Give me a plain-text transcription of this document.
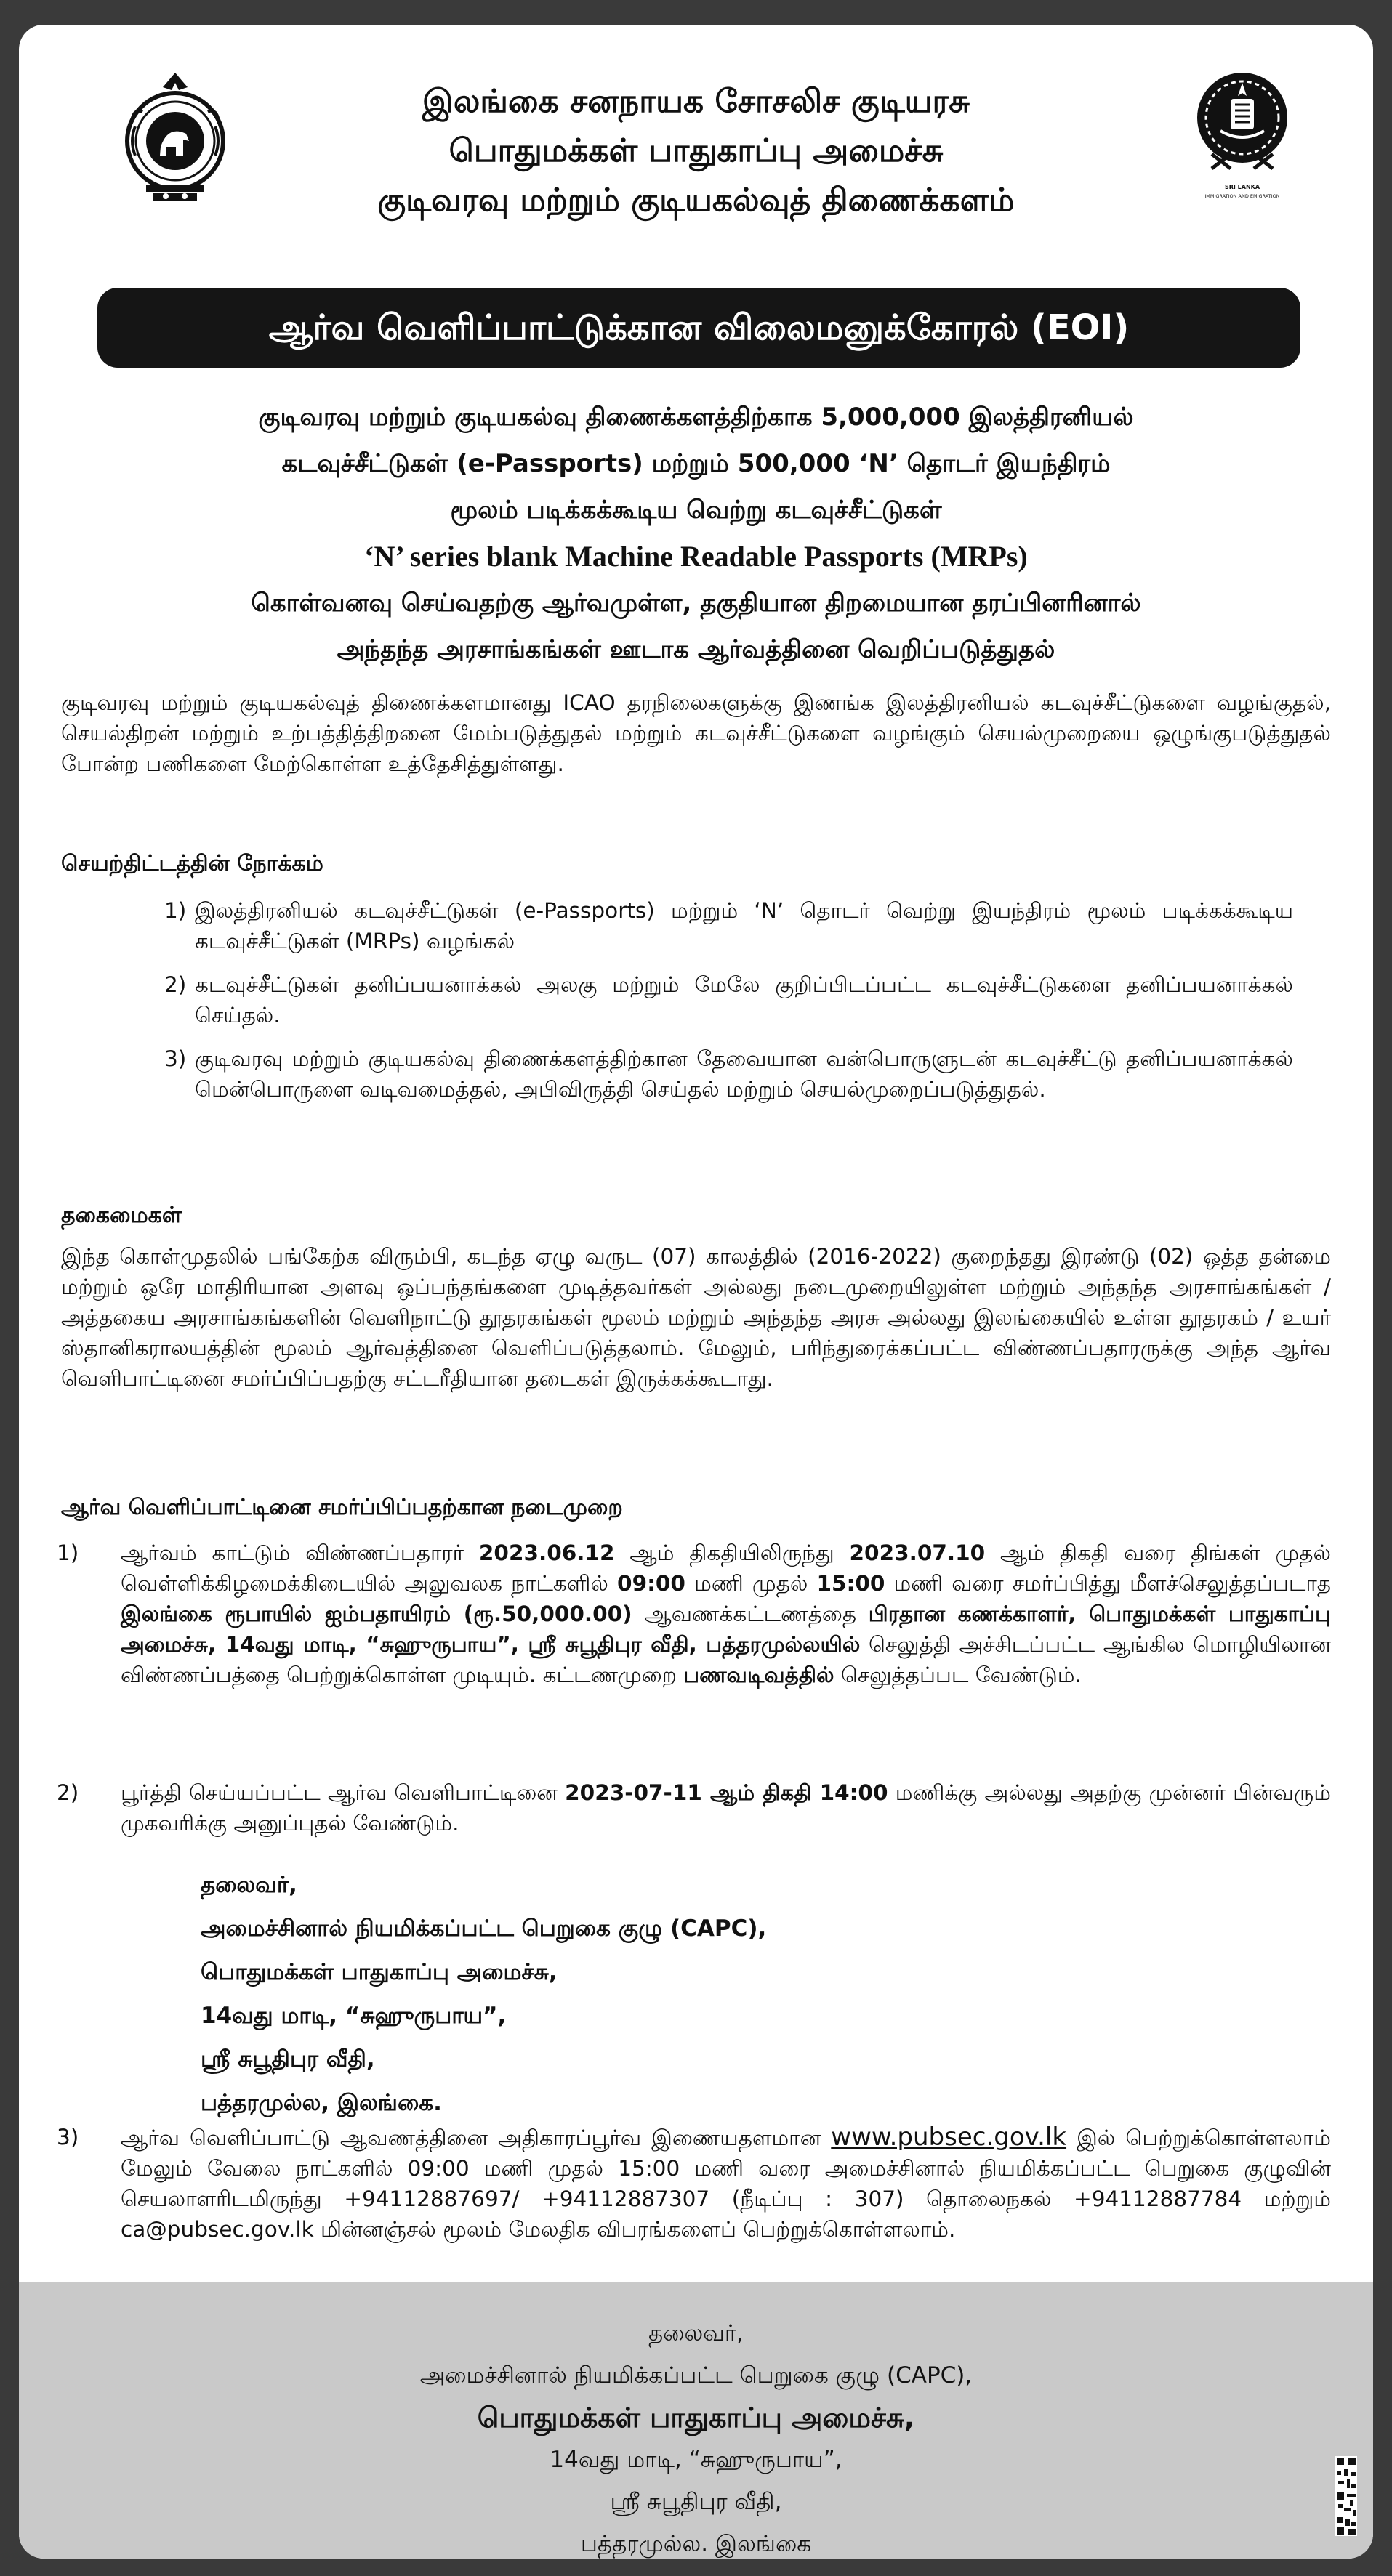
இலங்கை சனநாயக சோசலிச குடியரசு
பொதுமக்கள் பாதுகாப்பு அமைச்சு
குடிவரவு மற்றும் குடியகல்வுத் திணைக்களம்	SRI LANKA
IMMIGRATION AND EMIGRATION
ஆர்வ வெளிப்பாட்டுக்கான விலைமனுக்கோரல் (EOI)
குடிவரவு மற்றும் குடியகல்வு திணைக்களத்திற்காக 5,000,000 இலத்திரனியல்
கடவுச்சீட்டுகள் (e-Passports) மற்றும் 500,000 ‘N’ தொடர் இயந்திரம்
மூலம் படிக்கக்கூடிய வெற்று கடவுச்சீட்டுகள்
‘N’ series blank Machine Readable Passports (MRPs)
கொள்வனவு செய்வதற்கு ஆர்வமுள்ள, தகுதியான திறமையான தரப்பினரினால்
அந்தந்த அரசாங்கங்கள் ஊடாக ஆர்வத்தினை வெறிப்படுத்துதல்
குடிவரவு மற்றும் குடியகல்வுத் திணைக்களமானது ICAO தரநிலைகளுக்கு இணங்க இலத்திரனியல் கடவுச்சீட்டுகளை வழங்குதல், செயல்திறன் மற்றும் உற்பத்தித்திறனை மேம்படுத்துதல் மற்றும் கடவுச்சீட்டுகளை வழங்கும் செயல்முறையை ஒழுங்குபடுத்துதல் போன்ற பணிகளை மேற்கொள்ள உத்தேசித்துள்ளது.
செயற்திட்டத்தின் நோக்கம்
1) இலத்திரனியல் கடவுச்சீட்டுகள் (e-Passports) மற்றும் ‘N’ தொடர் வெற்று இயந்திரம் மூலம் படிக்கக்கூடிய கடவுச்சீட்டுகள் (MRPs) வழங்கல்
2) கடவுச்சீட்டுகள் தனிப்பயனாக்கல் அலகு மற்றும் மேலே குறிப்பிடப்பட்ட கடவுச்சீட்டுகளை தனிப்பயனாக்கல் செய்தல்.
3) குடிவரவு மற்றும் குடியகல்வு திணைக்களத்திற்கான தேவையான வன்பொருளுடன் கடவுச்சீட்டு தனிப்பயனாக்கல் மென்பொருளை வடிவமைத்தல், அபிவிருத்தி செய்தல் மற்றும் செயல்முறைப்படுத்துதல்.
தகைமைகள்
இந்த கொள்முதலில் பங்கேற்க விரும்பி, கடந்த ஏழு வருட (07) காலத்தில் (2016-2022) குறைந்தது இரண்டு (02) ஒத்த தன்மை மற்றும் ஒரே மாதிரியான அளவு ஒப்பந்தங்களை முடித்தவர்கள் அல்லது நடைமுறையிலுள்ள மற்றும் அந்தந்த அரசாங்கங்கள் / அத்தகைய அரசாங்கங்களின் வெளிநாட்டு தூதரகங்கள் மூலம் மற்றும் அந்தந்த அரசு அல்லது இலங்கையில் உள்ள தூதரகம் / உயர் ஸ்தானிகராலயத்தின் மூலம் ஆர்வத்தினை வெளிப்படுத்தலாம். மேலும், பரிந்துரைக்கப்பட்ட விண்ணப்பதாரருக்கு அந்த ஆர்வ வெளிபாட்டினை சமர்ப்பிப்பதற்கு சட்டரீதியான தடைகள் இருக்கக்கூடாது.
ஆர்வ வெளிப்பாட்டினை சமர்ப்பிப்பதற்கான நடைமுறை
1)	ஆர்வம் காட்டும் விண்ணப்பதாரர் 2023.06.12 ஆம் திகதியிலிருந்து 2023.07.10 ஆம் திகதி வரை திங்கள் முதல் வெள்ளிக்கிழமைக்கிடையில் அலுவலக நாட்களில் 09:00 மணி முதல் 15:00 மணி வரை சமர்ப்பித்து மீளச்செலுத்தப்படாத இலங்கை ரூபாயில் ஐம்பதாயிரம் (ரூ.50,000.00) ஆவணக்கட்டணத்தை பிரதான கணக்காளர், பொதுமக்கள் பாதுகாப்பு அமைச்சு, 14வது மாடி, “சுஹுருபாய”, ஸ்ரீ சுபூதிபுர வீதி, பத்தரமுல்லயில் செலுத்தி அச்சிடப்பட்ட ஆங்கில மொழியிலான விண்ணப்பத்தை பெற்றுக்கொள்ள முடியும். கட்டணமுறை பணவடிவத்தில் செலுத்தப்பட வேண்டும்.
2)	பூர்த்தி செய்யப்பட்ட ஆர்வ வெளிபாட்டினை 2023-07-11 ஆம் திகதி 14:00 மணிக்கு அல்லது அதற்கு முன்னர் பின்வரும் முகவரிக்கு அனுப்புதல் வேண்டும்.
தலைவர்,
அமைச்சினால் நியமிக்கப்பட்ட பெறுகை குழு (CAPC),
பொதுமக்கள் பாதுகாப்பு அமைச்சு,
14வது மாடி, “சுஹுருபாய”,
ஸ்ரீ சுபூதிபுர வீதி,
பத்தரமுல்ல, இலங்கை.
3)	ஆர்வ வெளிப்பாட்டு ஆவணத்தினை அதிகாரப்பூர்வ இணையதளமான www.pubsec.gov.lk இல் பெற்றுக்கொள்ளலாம் மேலும் வேலை நாட்களில் 09:00 மணி முதல் 15:00 மணி வரை அமைச்சினால் நியமிக்கப்பட்ட பெறுகை குழுவின் செயலாளரிடமிருந்து +94112887697/ +94112887307 (நீடிப்பு : 307) தொலைநகல் +94112887784 மற்றும் ca@pubsec.gov.lk மின்னஞ்சல் மூலம் மேலதிக விபரங்களைப் பெற்றுக்கொள்ளலாம்.
தலைவர்,
அமைச்சினால் நியமிக்கப்பட்ட பெறுகை குழு (CAPC),
பொதுமக்கள் பாதுகாப்பு அமைச்சு,
14வது மாடி, “சுஹுருபாய”,
ஸ்ரீ சுபூதிபுர வீதி,
பத்தரமுல்ல. இலங்கை
